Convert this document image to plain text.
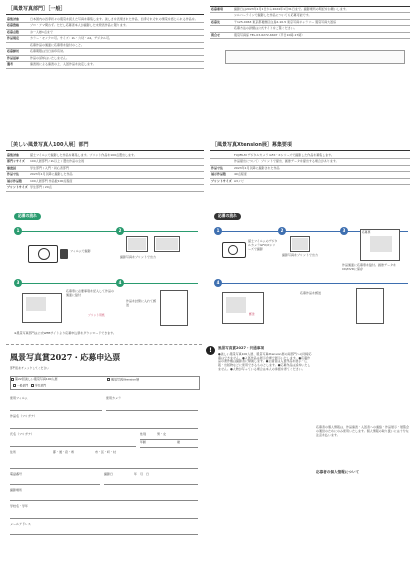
［風景写真部門］［一般］
募集対象	日本国内の四季折々の風景を捉えた写真を募集します。美しさを表現された作品、四季それぞれの情景を感じられる作品を。
応募資格	プロ・アマ問わず。ただし応募者本人が撮影した未発表作品に限ります。
応募点数	お一人様1点まで
作品規定	カラー・モノクロ可。サイズ：2L・六切・A4。デジタル可。
	応募作品の裏面に応募票を貼付のこと。
応募締切	応募期限は当日消印有効。
作品返却	作品の返却はいたしません。
選考	審査員による審査の上、入賞作品を決定します。
応募要項	撮影日は2023年1月1日から2024年1月31日まで。撮影場所の明記をお願いします。
	シルバーラインで撮影した作品についても応募可能です。
応募先	〒125-0063 東京都葛飾区白鳥2-10-5 東京写真ギャラリー 風景写真大賞係
	応募方法の詳細は公式サイトをご覧ください。
問合せ	風景写真係 TEL.03-6272-6607（平日10時-17時）
［美しい風景写真人100人展］部門
募集対象	富士フイルムで撮影した作品を募集します。プリント作品を100点選出します。
部門リサイズ	100人展部門 / 2L以上 / 選出作品の全員
審査員	学生部門 / 入門・初心者部門
作品寸法	2023年1月以降に撮影した作品
展示作品数	100人展部門 作品数100点程度
プリントサイズ	学生部門 / 20点
［風景写真Xtension展］募集要項
	FUJIFILM デジタルカメラ GFX・Xシリーズで撮影した作品を募集します。
	作品提出について：プリントで提出、画像データを提出する場合があります。
作品寸法	2023年1月以降に撮影された作品
展示作品数	40点程度
プリントサイズ	A3ノビ
応募の流れ	応募の流れ
1	2
フィルムで撮影
撮影写真をプリントで出力
1	2	3
富士フイルムのデジタルカメラGFX/Xシリーズで撮影
撮影写真をプリントで出力
応募票
作品裏面に応募票を貼付。画像データをCD/DVDに保存
3	4
応募票に必要事項を記入して作品の裏面に貼付
プリント用紙
作品を封筒に入れて郵送
4
郵送
応募作品を郵送
※風景写真部門は公式WEBサイトより応募申込票をダウンロードできます。
風景写真賞2027・応募申込票
部門名をチェックしてください
第22回美しい風景写真100人展
一般部門 学生部門
風景写真Xtension展
使用フィルム	使用カメラ
作品名（フリガナ）
氏名（フリガナ）	性別	男・女
年齢	歳
住所	都・道・府・県	市・区・町・村
電話番号	撮影日	年　月　日
撮影場所
学校名・学年
メールアドレス
!	風景写真賞2027・共通事項
●美しい風景写真100人展、風景写真Xtension展の両部門への同時応募はできません。●入賞作品は展示会場で展示いたします。●応募作品の著作権は撮影者に帰属します。●主催者は入賞作品を展示・広報・出版物などに使用できるものとします。●応募作品は返却いたしません。●人物が写っている場合は本人の承諾を得てください。
応募者の個人情報は、作品審査・入賞者への連絡・作品展示・展覧会の運営のためにのみ使用いたします。個人情報の取り扱いには十分な注意を払います。
応募者の個人情報について
